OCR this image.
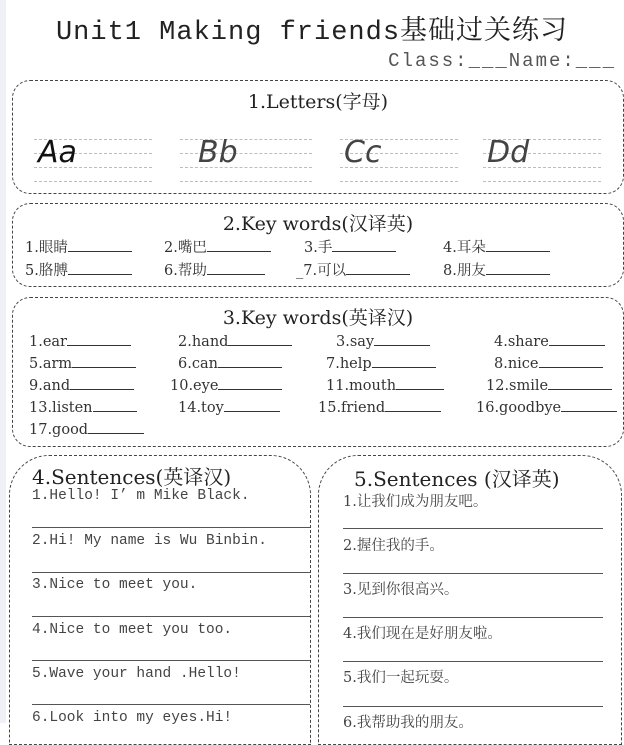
Unit1 Making friends基础过关练习
Class:___Name:___
1.Letters(字母)
Aa	Bb	Cc	Dd
2.Key words(汉译英)
1.眼睛	2.嘴巴	3.手	4.耳朵
5.胳膊	6.帮助	_7.可以	8.朋友
3.Key words(英译汉)
1.ear	2.hand	3.say	4.share
5.arm	6.can	7.help	8.nice
9.and	10.eye	11.mouth	12.smile
13.listen	14.toy	15.friend	16.goodbye
17.good
4.Sentences(英译汉)
1.Hello! I’ m Mike Black.
2.Hi! My name is Wu Binbin.
3.Nice to meet you.
4.Nice to meet you too.
5.Wave your hand .Hello!
6.Look into my eyes.Hi!
5.Sentences (汉译英)
1.让我们成为朋友吧。
2.握住我的手。
3.见到你很高兴。
4.我们现在是好朋友啦。
5.我们一起玩耍。
6.我帮助我的朋友。
